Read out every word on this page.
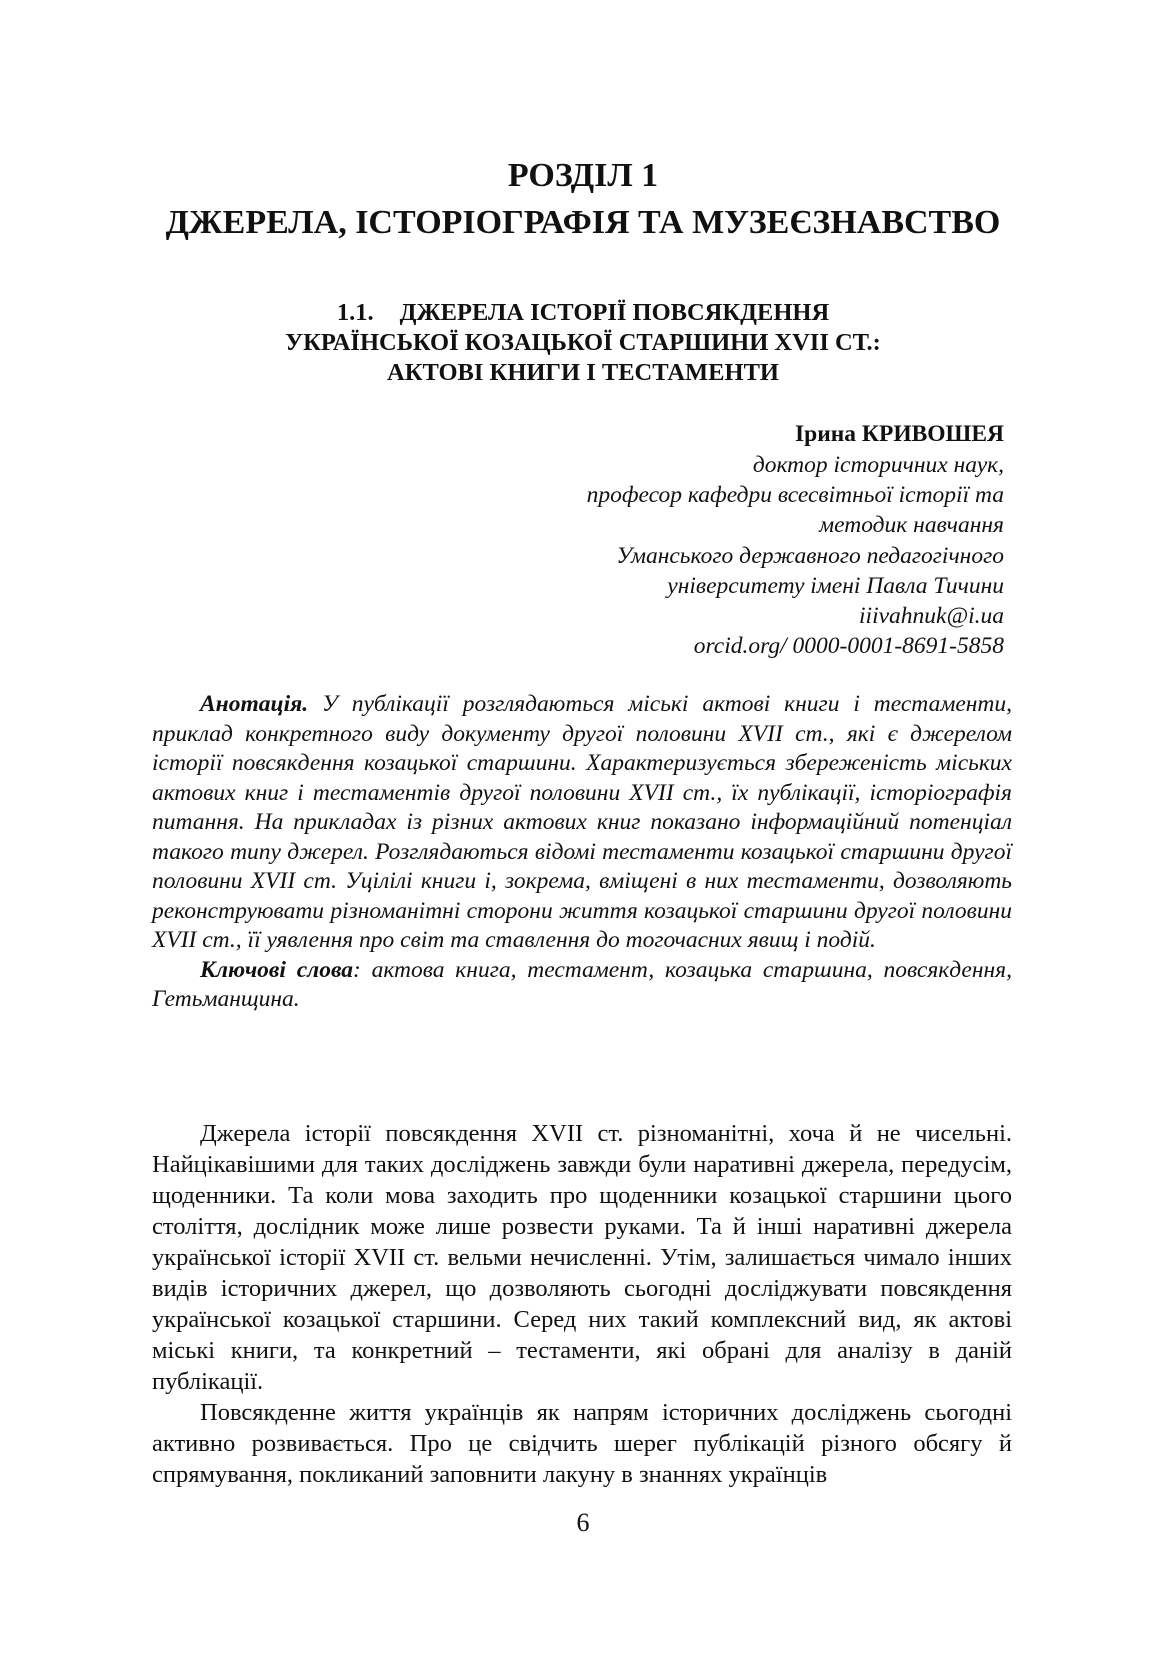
РОЗДІЛ 1
ДЖЕРЕЛА, ІСТОРІОГРАФІЯ ТА МУЗЕЄЗНАВСТВО
1.1. ДЖЕРЕЛА ІСТОРІЇ ПОВСЯКДЕННЯ
УКРАЇНСЬКОЇ КОЗАЦЬКОЇ СТАРШИНИ XVII СТ.:
АКТОВІ КНИГИ І ТЕСТАМЕНТИ
Ірина КРИВОШЕЯ
доктор історичних наук,
професор кафедри всесвітньої історії та
методик навчання
Уманського державного педагогічного
університету імені Павла Тичини
iiivahnuk@i.ua
orcid.org/ 0000-0001-8691-5858

Анотація. У публікації розглядаються міські актові книги і тестаменти, приклад конкретного виду документу другої половини XVII ст., які є джерелом історії повсякдення козацької старшини. Характеризується збереженість міських актових книг і тестаментів другої половини XVII ст., їх публікації, історіографія питання. На прикладах із різних актових книг показано інформаційний потенціал такого типу джерел. Розглядаються відомі тестаменти козацької старшини другої половини XVII ст. Уцілілі книги і, зокрема, вміщені в них тестаменти, дозволяють реконструювати різноманітні сторони життя козацької старшини другої половини XVII ст., її уявлення про світ та ставлення до тогочасних явищ і подій.

Ключові слова: актова книга, тестамент, козацька старшина, повсякдення, Гетьманщина.

Джерела історії повсякдення XVII ст. різноманітні, хоча й не чисельні. Найцікавішими для таких досліджень завжди були наративні джерела, передусім, щоденники. Та коли мова заходить про щоденники козацької старшини цього століття, дослідник може лише розвести руками. Та й інші наративні джерела української історії XVII ст. вельми нечисленні. Утім, залишається чимало інших видів історичних джерел, що дозволяють сьогодні досліджувати повсякдення української козацької старшини. Серед них такий комплексний вид, як актові міські книги, та конкретний – тестаменти, які обрані для аналізу в даній публікації.

Повсякденне життя українців як напрям історичних досліджень сьогодні активно розвивається. Про це свідчить шерег публікацій різного обсягу й спрямування, покликаний заповнити лакуну в знаннях українців

6
